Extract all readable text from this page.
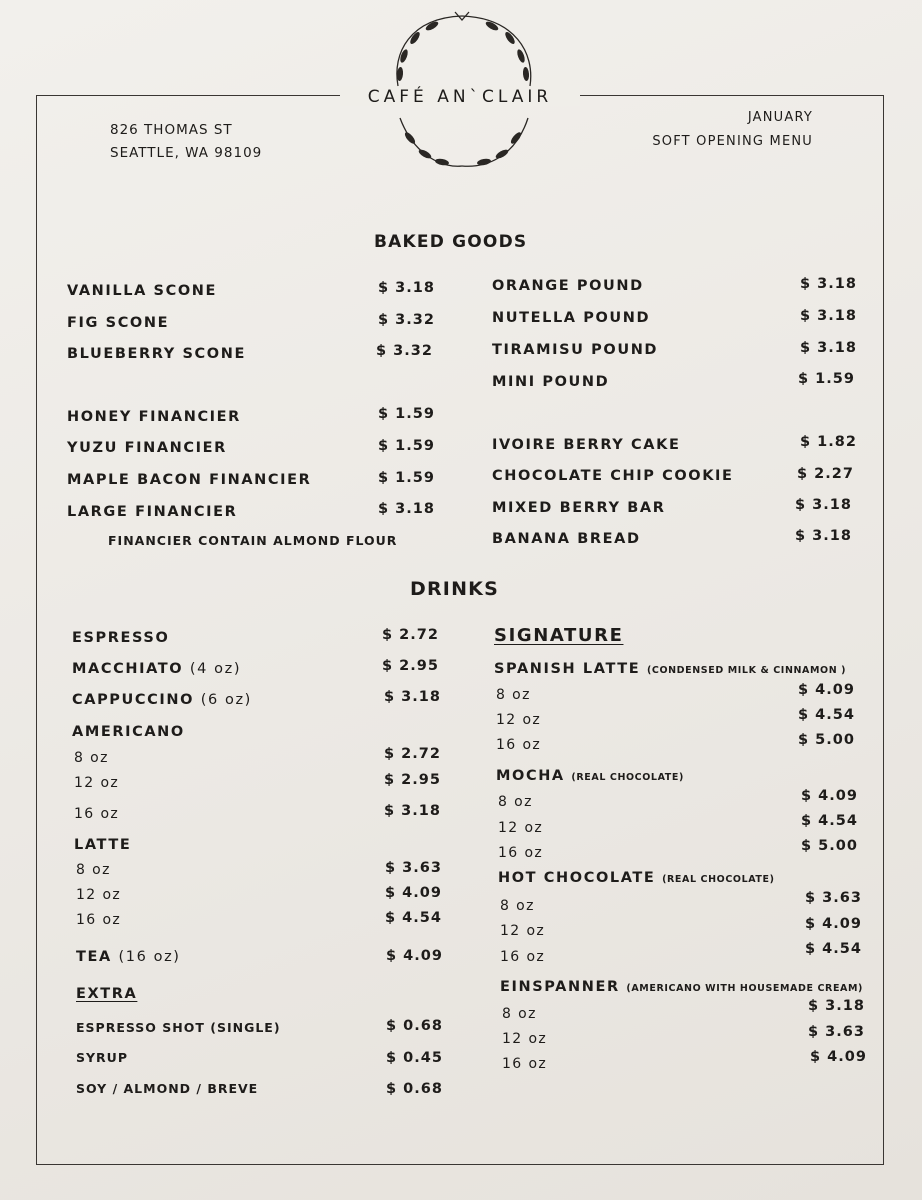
CAFÉ AN`CLAIR
826 THOMAS ST
SEATTLE, WA 98109
JANUARY
SOFT OPENING MENU
BAKED GOODS
VANILLA SCONE	$ 3.18
FIG SCONE	$ 3.32
BLUEBERRY SCONE	$ 3.32
HONEY FINANCIER	$ 1.59
YUZU FINANCIER	$ 1.59
MAPLE BACON FINANCIER	$ 1.59
LARGE FINANCIER	$ 3.18
FINANCIER CONTAIN ALMOND FLOUR
ORANGE POUND	$ 3.18
NUTELLA POUND	$ 3.18
TIRAMISU POUND	$ 3.18
MINI POUND	$ 1.59
IVOIRE BERRY CAKE	$ 1.82
CHOCOLATE CHIP COOKIE	$ 2.27
MIXED BERRY BAR	$ 3.18
BANANA BREAD	$ 3.18
DRINKS
ESPRESSO	$ 2.72
MACCHIATO (4 oz)	$ 2.95
CAPPUCCINO (6 oz)	$ 3.18
AMERICANO
8 oz	$ 2.72
12 oz	$ 2.95
16 oz	$ 3.18
LATTE
8 oz	$ 3.63
12 oz	$ 4.09
16 oz	$ 4.54
TEA (16 oz)	$ 4.09
EXTRA
ESPRESSO SHOT (SINGLE)	$ 0.68
SYRUP	$ 0.45
SOY / ALMOND / BREVE	$ 0.68
SIGNATURE
SPANISH LATTE (CONDENSED MILK & CINNAMON )
8 oz	$ 4.09
12 oz	$ 4.54
16 oz	$ 5.00
MOCHA (REAL CHOCOLATE)
8 oz	$ 4.09
12 oz	$ 4.54
16 oz	$ 5.00
HOT CHOCOLATE (REAL CHOCOLATE)
8 oz	$ 3.63
12 oz	$ 4.09
16 oz	$ 4.54
EINSPANNER (AMERICANO WITH HOUSEMADE CREAM)
8 oz	$ 3.18
12 oz	$ 3.63
16 oz	$ 4.09
